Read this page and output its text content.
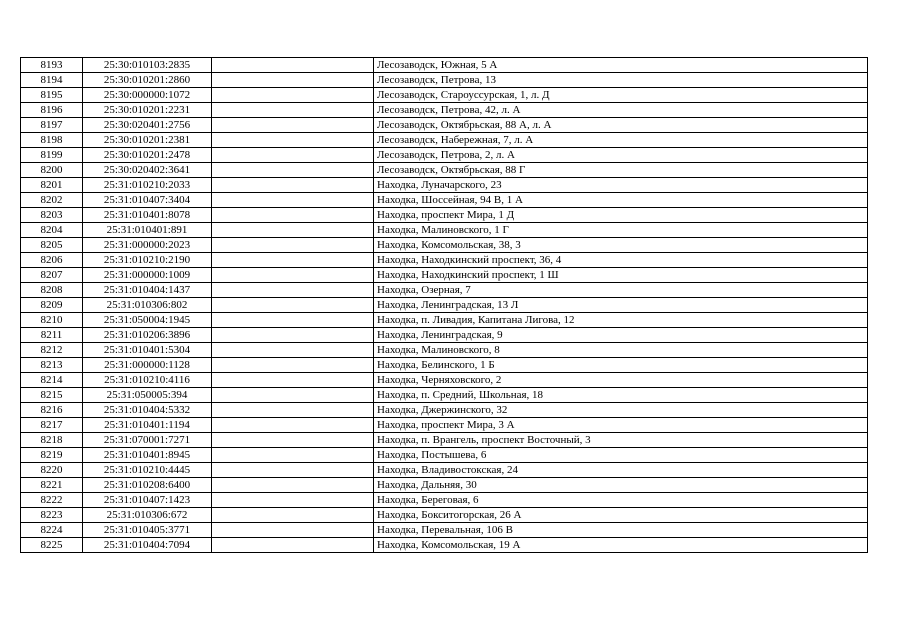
8193	25:30:010103:2835		Лесозаводск, Южная, 5 А
8194	25:30:010201:2860		Лесозаводск, Петрова, 13
8195	25:30:000000:1072		Лесозаводск, Староуссурская, 1, л. Д
8196	25:30:010201:2231		Лесозаводск, Петрова, 42, л. А
8197	25:30:020401:2756		Лесозаводск, Октябрьская, 88 А, л. А
8198	25:30:010201:2381		Лесозаводск, Набережная, 7, л. А
8199	25:30:010201:2478		Лесозаводск, Петрова, 2, л. А
8200	25:30:020402:3641		Лесозаводск, Октябрьская, 88 Г
8201	25:31:010210:2033		Находка, Луначарского, 23
8202	25:31:010407:3404		Находка, Шоссейная, 94 В, 1 А
8203	25:31:010401:8078		Находка, проспект Мира, 1 Д
8204	25:31:010401:891		Находка, Малиновского, 1 Г
8205	25:31:000000:2023		Находка, Комсомольская, 38, 3
8206	25:31:010210:2190		Находка, Находкинский проспект, 36, 4
8207	25:31:000000:1009		Находка, Находкинский проспект, 1 Ш
8208	25:31:010404:1437		Находка, Озерная, 7
8209	25:31:010306:802		Находка, Ленинградская, 13 Л
8210	25:31:050004:1945		Находка, п. Ливадия, Капитана Лигова, 12
8211	25:31:010206:3896		Находка, Ленинградская, 9
8212	25:31:010401:5304		Находка, Малиновского, 8
8213	25:31:000000:1128		Находка, Белинского, 1 Б
8214	25:31:010210:4116		Находка, Черняховского, 2
8215	25:31:050005:394		Находка, п. Средний, Школьная, 18
8216	25:31:010404:5332		Находка, Джержинского, 32
8217	25:31:010401:1194		Находка, проспект Мира, 3 А
8218	25:31:070001:7271		Находка, п. Врангель, проспект Восточный, 3
8219	25:31:010401:8945		Находка, Постышева, 6
8220	25:31:010210:4445		Находка, Владивостокская, 24
8221	25:31:010208:6400		Находка, Дальняя, 30
8222	25:31:010407:1423		Находка, Береговая, 6
8223	25:31:010306:672		Находка, Бокситогорская, 26 А
8224	25:31:010405:3771		Находка, Перевальная, 106 В
8225	25:31:010404:7094		Находка, Комсомольская, 19 А
